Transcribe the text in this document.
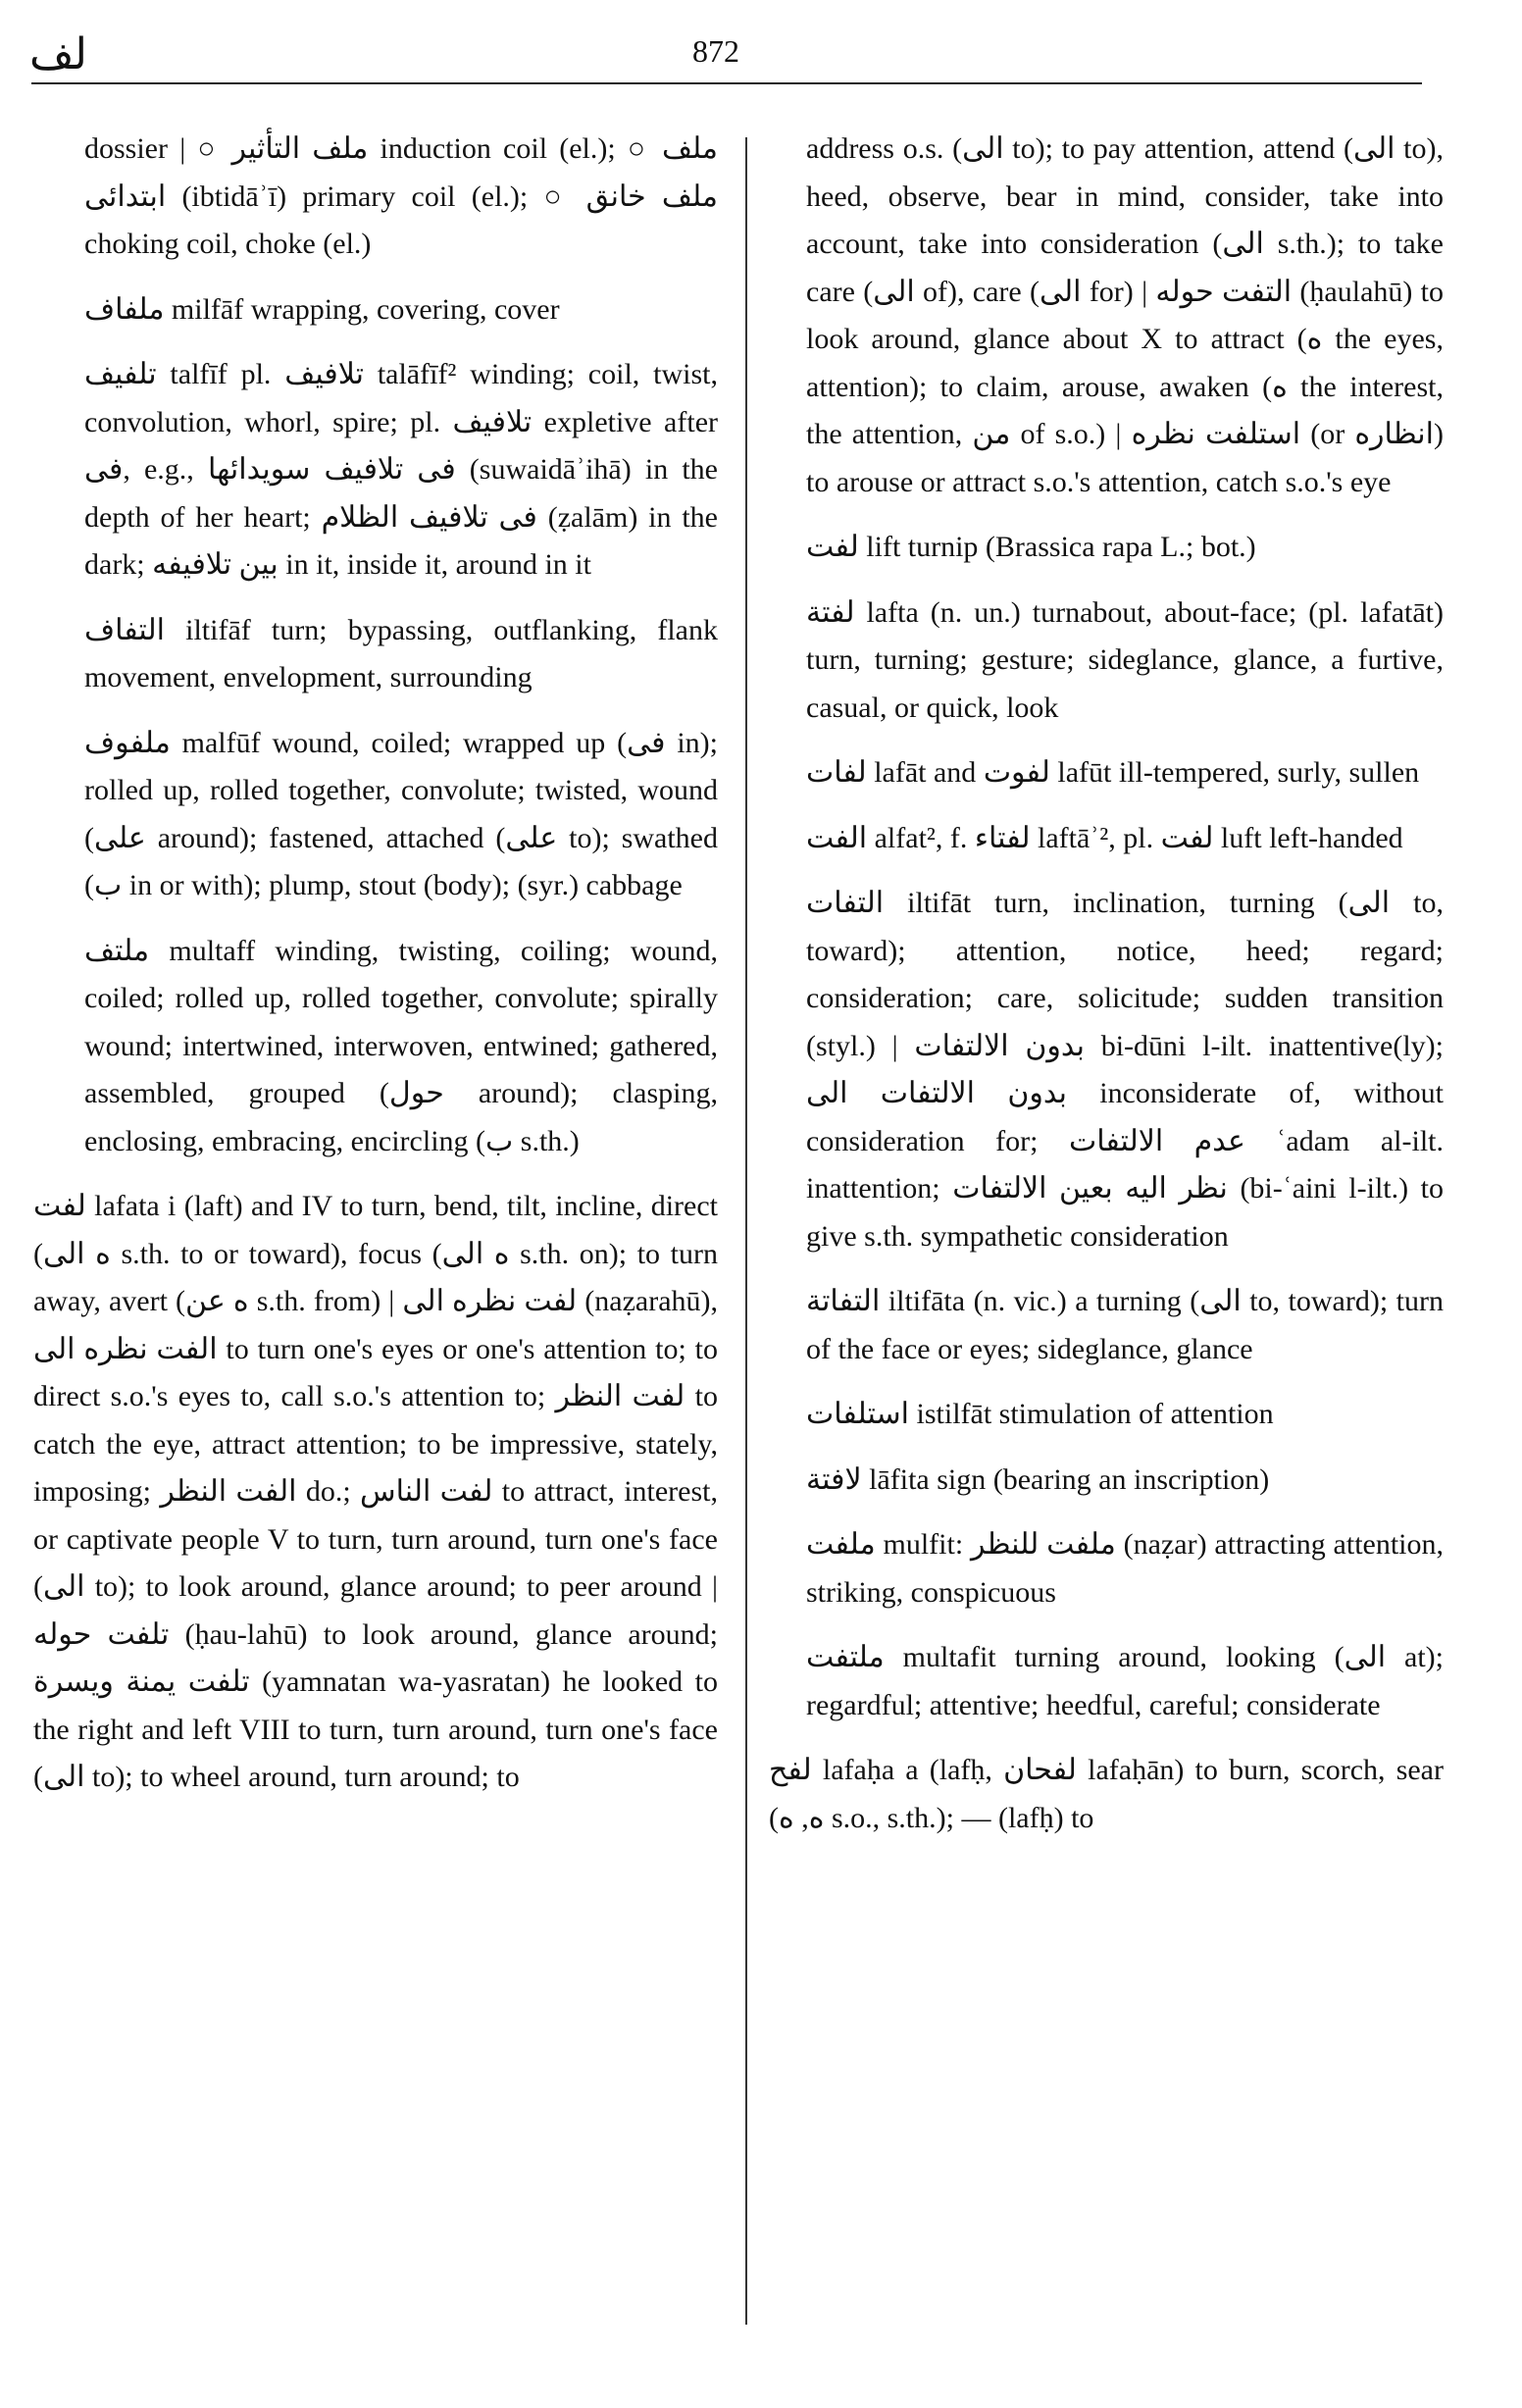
لف	872

dossier | ○ ملف التأثير induction coil (el.); ○ ملف ابتدائى (ibtidāʾī) primary coil (el.); ○ ملف خانق choking coil, choke (el.)

ملفاف milfāf wrapping, covering, cover

تلفيف talfīf pl. تلافيف talāfīf² winding; coil, twist, convolution, whorl, spire; pl. تلافيف expletive after فى, e.g., فى تلافيف سويدائها (suwaidāʾihā) in the depth of her heart; فى تلافيف الظلام (ẓalām) in the dark; بين تلافيفه in it, inside it, around in it

التفاف iltifāf turn; bypassing, outflanking, flank movement, envelopment, surrounding

ملفوف malfūf wound, coiled; wrapped up (فى in); rolled up, rolled together, convolute; twisted, wound (على around); fastened, attached (على to); swathed (ب in or with); plump, stout (body); (syr.) cabbage

ملتف multaff winding, twisting, coiling; wound, coiled; rolled up, rolled together, convolute; spirally wound; intertwined, interwoven, entwined; gathered, assembled, grouped (حول around); clasping, enclosing, embracing, encircling (ب s.th.)

لفت lafata i (laft) and IV to turn, bend, tilt, incline, direct (ه الى s.th. to or toward), focus (ه الى s.th. on); to turn away, avert (ه عن s.th. from) | لفت نظره الى (naẓarahū), الفت نظره الى to turn one's eyes or one's attention to; to direct s.o.'s eyes to, call s.o.'s attention to; لفت النظر to catch the eye, attract attention; to be impressive, stately, imposing; الفت النظر do.; لفت الناس to attract, interest, or captivate people V to turn, turn around, turn one's face (الى to); to look around, glance around; to peer around | تلفت حوله (ḥau-lahū) to look around, glance around; تلفت يمنة ويسرة (yamnatan wa-yasratan) he looked to the right and left VIII to turn, turn around, turn one's face (الى to); to wheel around, turn around; to

address o.s. (الى to); to pay attention, attend (الى to), heed, observe, bear in mind, consider, take into account, take into consideration (الى s.th.); to take care (الى of), care (الى for) | التفت حوله (ḥaulahū) to look around, glance about X to attract (ه the eyes, attention); to claim, arouse, awaken (ه the interest, the attention, من of s.o.) | استلفت نظره (or انظاره) to arouse or attract s.o.'s attention, catch s.o.'s eye

لفت lift turnip (Brassica rapa L.; bot.)

لفتة lafta (n. un.) turnabout, about-face; (pl. lafatāt) turn, turning; gesture; sideglance, glance, a furtive, casual, or quick, look

لفات lafāt and لفوت lafūt ill-tempered, surly, sullen

الفت alfat², f. لفتاء laftāʾ², pl. لفت luft left-handed

التفات iltifāt turn, inclination, turning (الى to, toward); attention, notice, heed; regard; consideration; care, solicitude; sudden transition (styl.) | بدون الالتفات bi-dūni l-ilt. inattentive(ly); بدون الالتفات الى inconsiderate of, without consideration for; عدم الالتفات ʿadam al-ilt. inattention; نظر اليه بعين الالتفات (bi-ʿaini l-ilt.) to give s.th. sympathetic consideration

التفاتة iltifāta (n. vic.) a turning (الى to, toward); turn of the face or eyes; sideglance, glance

استلفات istilfāt stimulation of attention

لافتة lāfita sign (bearing an inscription)

ملفت mulfit: ملفت للنظر (naẓar) attracting attention, striking, conspicuous

ملتفت multafit turning around, looking (الى at); regardful; attentive; heedful, careful; considerate

لفح lafaḥa a (lafḥ, لفحان lafaḥān) to burn, scorch, sear (ه, ه s.o., s.th.); — (lafḥ) to
